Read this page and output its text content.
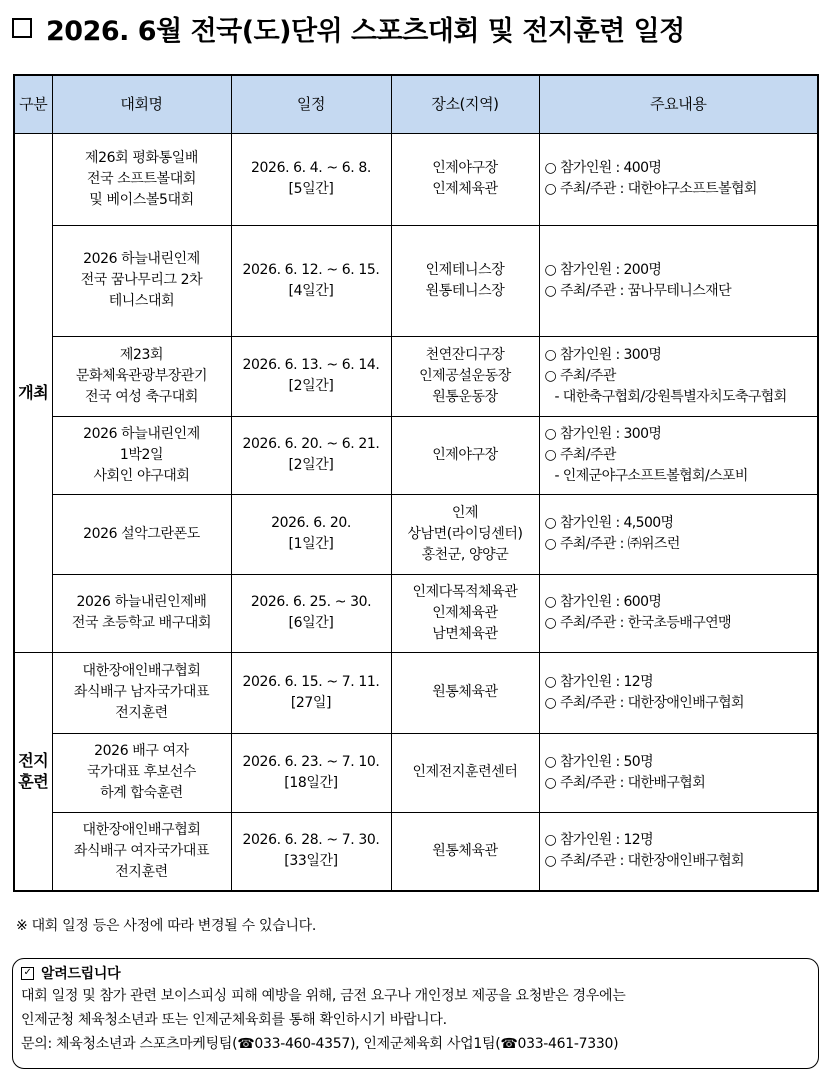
2026. 6월 전국(도)단위 스포츠대회 및 전지훈련 일정
구분	대회명	일정	장소(지역)	주요내용

개최	제26회 평화통일배
전국 소프트볼대회
및 베이스볼5대회	2026. 6. 4. ~ 6. 8.
[5일간]	인제야구장
인제체육관	○ 참가인원 : 400명
○ 주최/주관 : 대한야구소프트볼협회

	2026 하늘내린인제
전국 꿈나무리그 2차
테니스대회	2026. 6. 12. ~ 6. 15.
[4일간]	인제테니스장
원통테니스장	○ 참가인원 : 200명
○ 주최/주관 : 꿈나무테니스재단

	제23회
문화체육관광부장관기
전국 여성 축구대회	2026. 6. 13. ~ 6. 14.
[2일간]	천연잔디구장
인제공설운동장
원통운동장	○ 참가인원 : 300명
○ 주최/주관
- 대한축구협회/강원특별자치도축구협회

	2026 하늘내린인제
1박2일
사회인 야구대회	2026. 6. 20. ~ 6. 21.
[2일간]	인제야구장	○ 참가인원 : 300명
○ 주최/주관
- 인제군야구소프트볼협회/스포비

	2026 설악그란폰도	2026. 6. 20.
[1일간]	인제
상남면(라이딩센터)
홍천군, 양양군	○ 참가인원 : 4,500명
○ 주최/주관 : ㈜위즈런

	2026 하늘내린인제배
전국 초등학교 배구대회	2026. 6. 25. ~ 30.
[6일간]	인제다목적체육관
인제체육관
남면체육관	○ 참가인원 : 600명
○ 주최/주관 : 한국초등배구연맹

전지
훈련	대한장애인배구협회
좌식배구 남자국가대표
전지훈련	2026. 6. 15. ~ 7. 11.
[27일]	원통체육관	○ 참가인원 : 12명
○ 주최/주관 : 대한장애인배구협회

	2026 배구 여자
국가대표 후보선수
하계 합숙훈련	2026. 6. 23. ~ 7. 10.
[18일간]	인제전지훈련센터	○ 참가인원 : 50명
○ 주최/주관 : 대한배구협회

	대한장애인배구협회
좌식배구 여자국가대표
전지훈련	2026. 6. 28. ~ 7. 30.
[33일간]	원통체육관	○ 참가인원 : 12명
○ 주최/주관 : 대한장애인배구협회
※ 대회 일정 등은 사정에 따라 변경될 수 있습니다.
✓ 알려드립니다
대회 일정 및 참가 관련 보이스피싱 피해 예방을 위해, 금전 요구나 개인정보 제공을 요청받은 경우에는
인제군청 체육청소년과 또는 인제군체육회를 통해 확인하시기 바랍니다.
문의: 체육청소년과 스포츠마케팅팀(☎033-460-4357), 인제군체육회 사업1팀(☎033-461-7330)
